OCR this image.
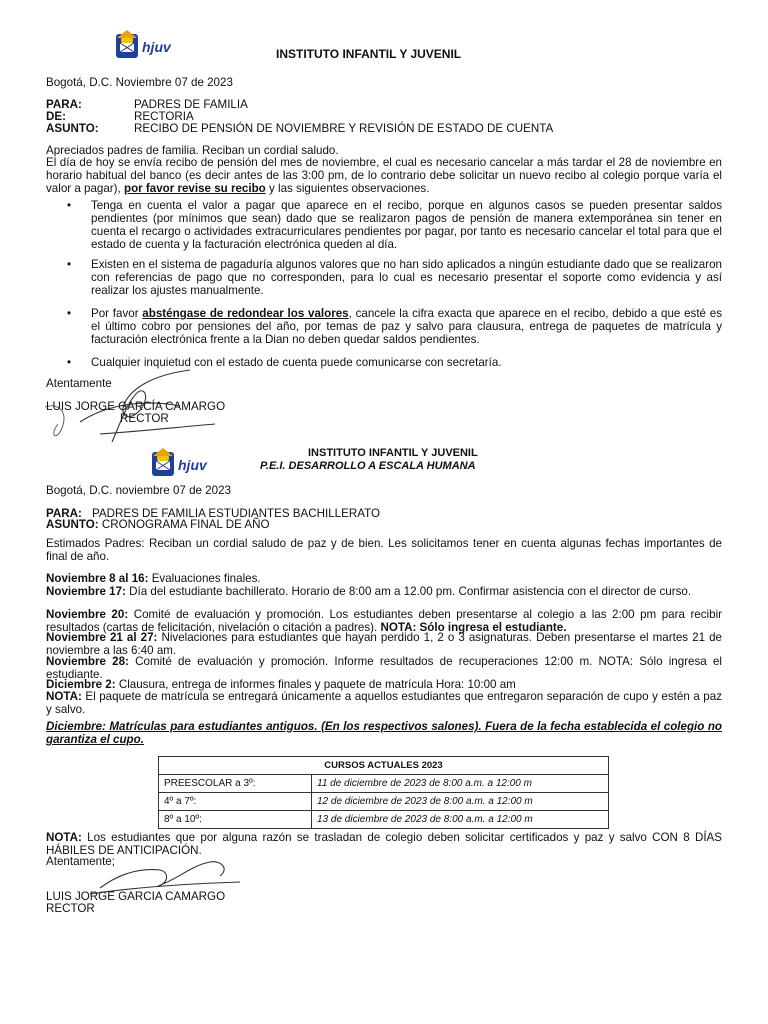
hjuv	INSTITUTO INFANTIL Y JUVENIL
Bogotá, D.C. Noviembre 07 de 2023
PARA:	PADRES DE FAMILIA
DE:	RECTORIA
ASUNTO:	RECIBO DE PENSIÓN DE NOVIEMBRE Y REVISIÓN DE ESTADO DE CUENTA
Apreciados padres de familia. Reciban un cordial saludo.
El día de hoy se envía recibo de pensión del mes de noviembre, el cual es necesario cancelar a más tardar el 28 de noviembre en horario habitual del banco (es decir antes de las 3:00 pm, de lo contrario debe solicitar un nuevo recibo al colegio porque varía el valor a pagar), por favor revise su recibo y las siguientes observaciones.
• Tenga en cuenta el valor a pagar que aparece en el recibo, porque en algunos casos se pueden presentar saldos pendientes (por mínimos que sean) dado que se realizaron pagos de pensión de manera extemporánea sin tener en cuenta el recargo o actividades extracurriculares pendientes por pagar, por tanto es necesario cancelar el total para que el estado de cuenta y la facturación electrónica queden al día.
• Existen en el sistema de pagaduría algunos valores que no han sido aplicados a ningún estudiante dado que se realizaron con referencias de pago que no corresponden, para lo cual es necesario presentar el soporte como evidencia y así realizar los ajustes manualmente.
• Por favor absténgase de redondear los valores, cancele la cifra exacta que aparece en el recibo, debido a que esté es el último cobro por pensiones del año, por temas de paz y salvo para clausura, entrega de paquetes de matrícula y facturación electrónica frente a la Dian no deben quedar saldos pendientes.
• Cualquier inquietud con el estado de cuenta puede comunicarse con secretaría.
Atentamente
LUIS JORGE GARCÍA CAMARGO
RECTOR
hjuv
INSTITUTO INFANTIL Y JUVENIL
P.E.I. DESARROLLO A ESCALA HUMANA
Bogotá, D.C. noviembre 07 de 2023
PARA: PADRES DE FAMILIA ESTUDIANTES BACHILLERATO
ASUNTO: CRONOGRAMA FINAL DE AÑO
Estimados Padres: Reciban un cordial saludo de paz y de bien. Les solicitamos tener en cuenta algunas fechas importantes de final de año.
Noviembre 8 al 16: Evaluaciones finales.
Noviembre 17: Día del estudiante bachillerato. Horario de 8:00 am a 12.00 pm. Confirmar asistencia con el director de curso.
Noviembre 20: Comité de evaluación y promoción. Los estudiantes deben presentarse al colegio a las 2:00 pm para recibir resultados (cartas de felicitación, nivelación o citación a padres). NOTA: Sólo ingresa el estudiante.
Noviembre 21 al 27: Nivelaciones para estudiantes que hayan perdido 1, 2 o 3 asignaturas. Deben presentarse el martes 21 de noviembre a las 6:40 am.
Noviembre 28: Comité de evaluación y promoción. Informe resultados de recuperaciones 12:00 m. NOTA: Sólo ingresa el estudiante.
Diciembre 2: Clausura, entrega de informes finales y paquete de matrícula Hora: 10:00 am
NOTA: El paquete de matrícula se entregará únicamente a aquellos estudiantes que entregaron separación de cupo y estén a paz y salvo.
Diciembre: Matrículas para estudiantes antiguos. (En los respectivos salones). Fuera de la fecha establecida el colegio no garantiza el cupo.
CURSOS ACTUALES 2023	
PREESCOLAR a 3º:	11 de diciembre de 2023 de 8:00 a.m. a 12:00 m
4º a 7º:	12 de diciembre de 2023 de 8:00 a.m. a 12:00 m
8º a 10º:	13 de diciembre de 2023 de 8:00 a.m. a 12:00 m
NOTA: Los estudiantes que por alguna razón se trasladan de colegio deben solicitar certificados y paz y salvo CON 8 DÍAS HÁBILES DE ANTICIPACIÓN.
Atentamente;
LUIS JORGE GARCIA CAMARGO
RECTOR
